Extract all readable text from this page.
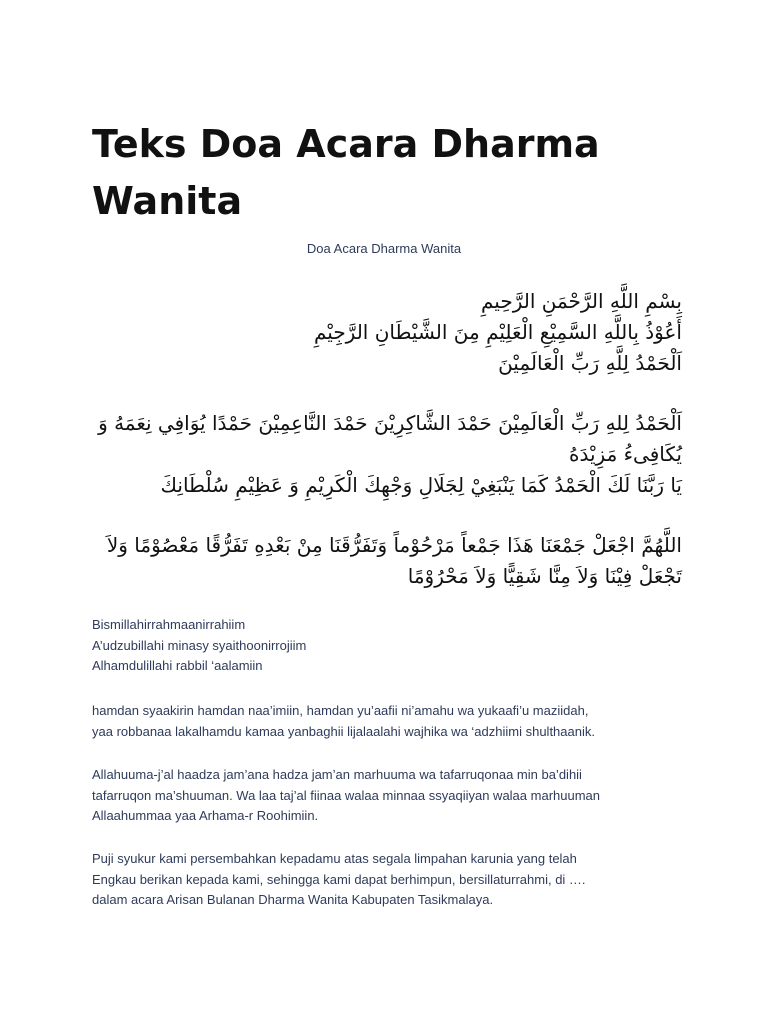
Teks Doa Acara Dharma Wanita
Doa Acara Dharma Wanita
بِسْمِ اللَّهِ الرَّحْمَنِ الرَّحِيمِ
أَعُوْذُ بِاللَّهِ السَّمِيْعِ الْعَلِيْمِ مِنَ الشَّيْطَانِ الرَّجِيْمِ
اَلْحَمْدُ لِلَّهِ رَبِّ الْعَالَمِيْنَ
اَلْحَمْدُ لِلهِ رَبِّ الْعَالَمِيْنَ حَمْدَ الشَّاكِرِيْنَ حَمْدَ النَّاعِمِيْنَ حَمْدًا يُوَافِي نِعَمَهُ وَ
يُكَافِىءُ مَزِيْدَهُ
يَا رَبَّنَا لَكَ الْحَمْدُ كَمَا يَنْبَغِيْ لِجَلَالِ وَجْهِكَ الْكَرِيْمِ وَ عَظِيْمِ سُلْطَانِكَ
اللَّهُمَّ اجْعَلْ جَمْعَنَا هَذَا جَمْعاً مَرْحُوْماً وَتَفَرُّقَنَا مِنْ بَعْدِهِ تَفَرُّقًا مَعْصُوْمًا وَلاَ
تَجْعَلْ فِيْنَا وَلاَ مِنَّا شَقِيًّا وَلاَ مَحْرُوْمًا
Bismillahirrahmaanirrahiim
A’udzubillahi minasy syaithoonirrojiim
Alhamdulillahi rabbil ‘aalamiin
hamdan syaakirin hamdan naa’imiin, hamdan yu’aafii ni’amahu wa yukaafi’u maziidah,
yaa robbanaa lakalhamdu kamaa yanbaghii lijalaalahi wajhika wa ‘adzhiimi shulthaanik.
Allahuuma-j’al haadza jam’ana hadza jam’an marhuuma wa tafarruqonaa min ba’dihii
tafarruqon ma’shuuman. Wa laa taj’al fiinaa walaa minnaa ssyaqiiyan walaa marhuuman
Allaahummaa yaa Arhama-r Roohimiin.
Puji syukur kami persembahkan kepadamu atas segala limpahan karunia yang telah
Engkau berikan kepada kami, sehingga kami dapat berhimpun, bersillaturrahmi, di ….
dalam acara Arisan Bulanan Dharma Wanita Kabupaten Tasikmalaya.
